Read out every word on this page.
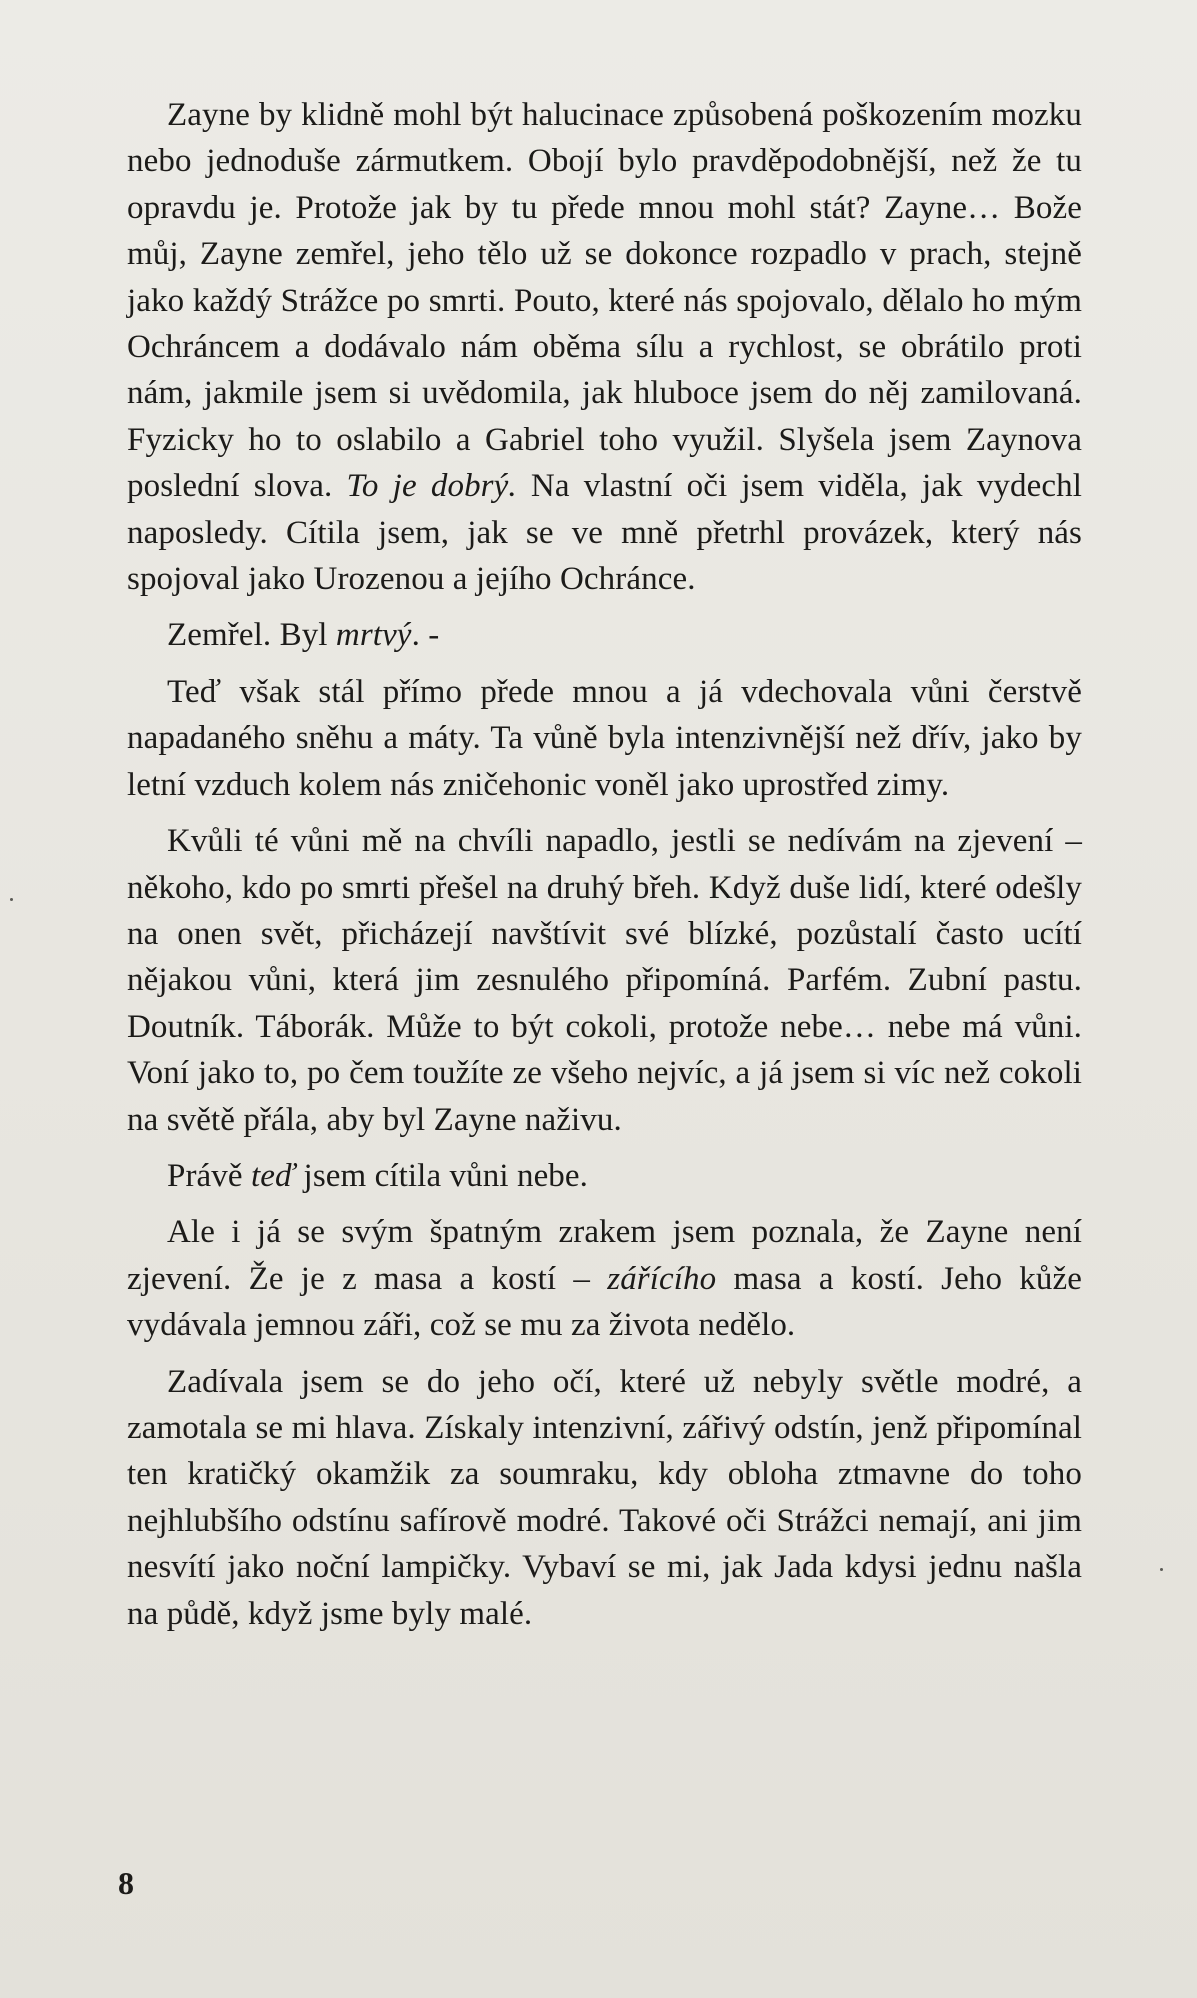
Zayne by klidně mohl být halucinace způsobená poškozením mozku nebo jednoduše zármutkem. Obojí bylo pravděpodobnější, než že tu opravdu je. Protože jak by tu přede mnou mohl stát? Zayne… Bože můj, Zayne zemřel, jeho tělo už se dokonce rozpadlo v prach, stejně jako každý Strážce po smrti. Pouto, které nás spojovalo, dělalo ho mým Ochráncem a dodávalo nám oběma sílu a rychlost, se obrátilo proti nám, jakmile jsem si uvědomila, jak hluboce jsem do něj zamilovaná. Fyzicky ho to oslabilo a Gabriel toho využil. Slyšela jsem Zaynova poslední slova. To je dobrý. Na vlastní oči jsem viděla, jak vydechl naposledy. Cítila jsem, jak se ve mně přetrhl provázek, který nás spojoval jako Urozenou a jejího Ochránce.

Zemřel. Byl mrtvý. -

Teď však stál přímo přede mnou a já vdechovala vůni čerstvě napadaného sněhu a máty. Ta vůně byla intenzivnější než dřív, jako by letní vzduch kolem nás zničehonic voněl jako uprostřed zimy.

Kvůli té vůni mě na chvíli napadlo, jestli se nedívám na zjevení – někoho, kdo po smrti přešel na druhý břeh. Když duše lidí, které odešly na onen svět, přicházejí navštívit své blízké, pozůstalí často ucítí nějakou vůni, která jim zesnulého připomíná. Parfém. Zubní pastu. Doutník. Táborák. Může to být cokoli, protože nebe… nebe má vůni. Voní jako to, po čem toužíte ze všeho nejvíc, a já jsem si víc než cokoli na světě přála, aby byl Zayne naživu.

Právě teď jsem cítila vůni nebe.

Ale i já se svým špatným zrakem jsem poznala, že Zayne není zjevení. Že je z masa a kostí – zářícího masa a kostí. Jeho kůže vydávala jemnou záři, což se mu za života nedělo.

Zadívala jsem se do jeho očí, které už nebyly světle modré, a zamotala se mi hlava. Získaly intenzivní, zářivý odstín, jenž připomínal ten kratičký okamžik za soumraku, kdy obloha ztmavne do toho nejhlubšího odstínu safírově modré. Takové oči Strážci nemají, ani jim nesvítí jako noční lampičky. Vybaví se mi, jak Jada kdysi jednu našla na půdě, když jsme byly malé.

8
